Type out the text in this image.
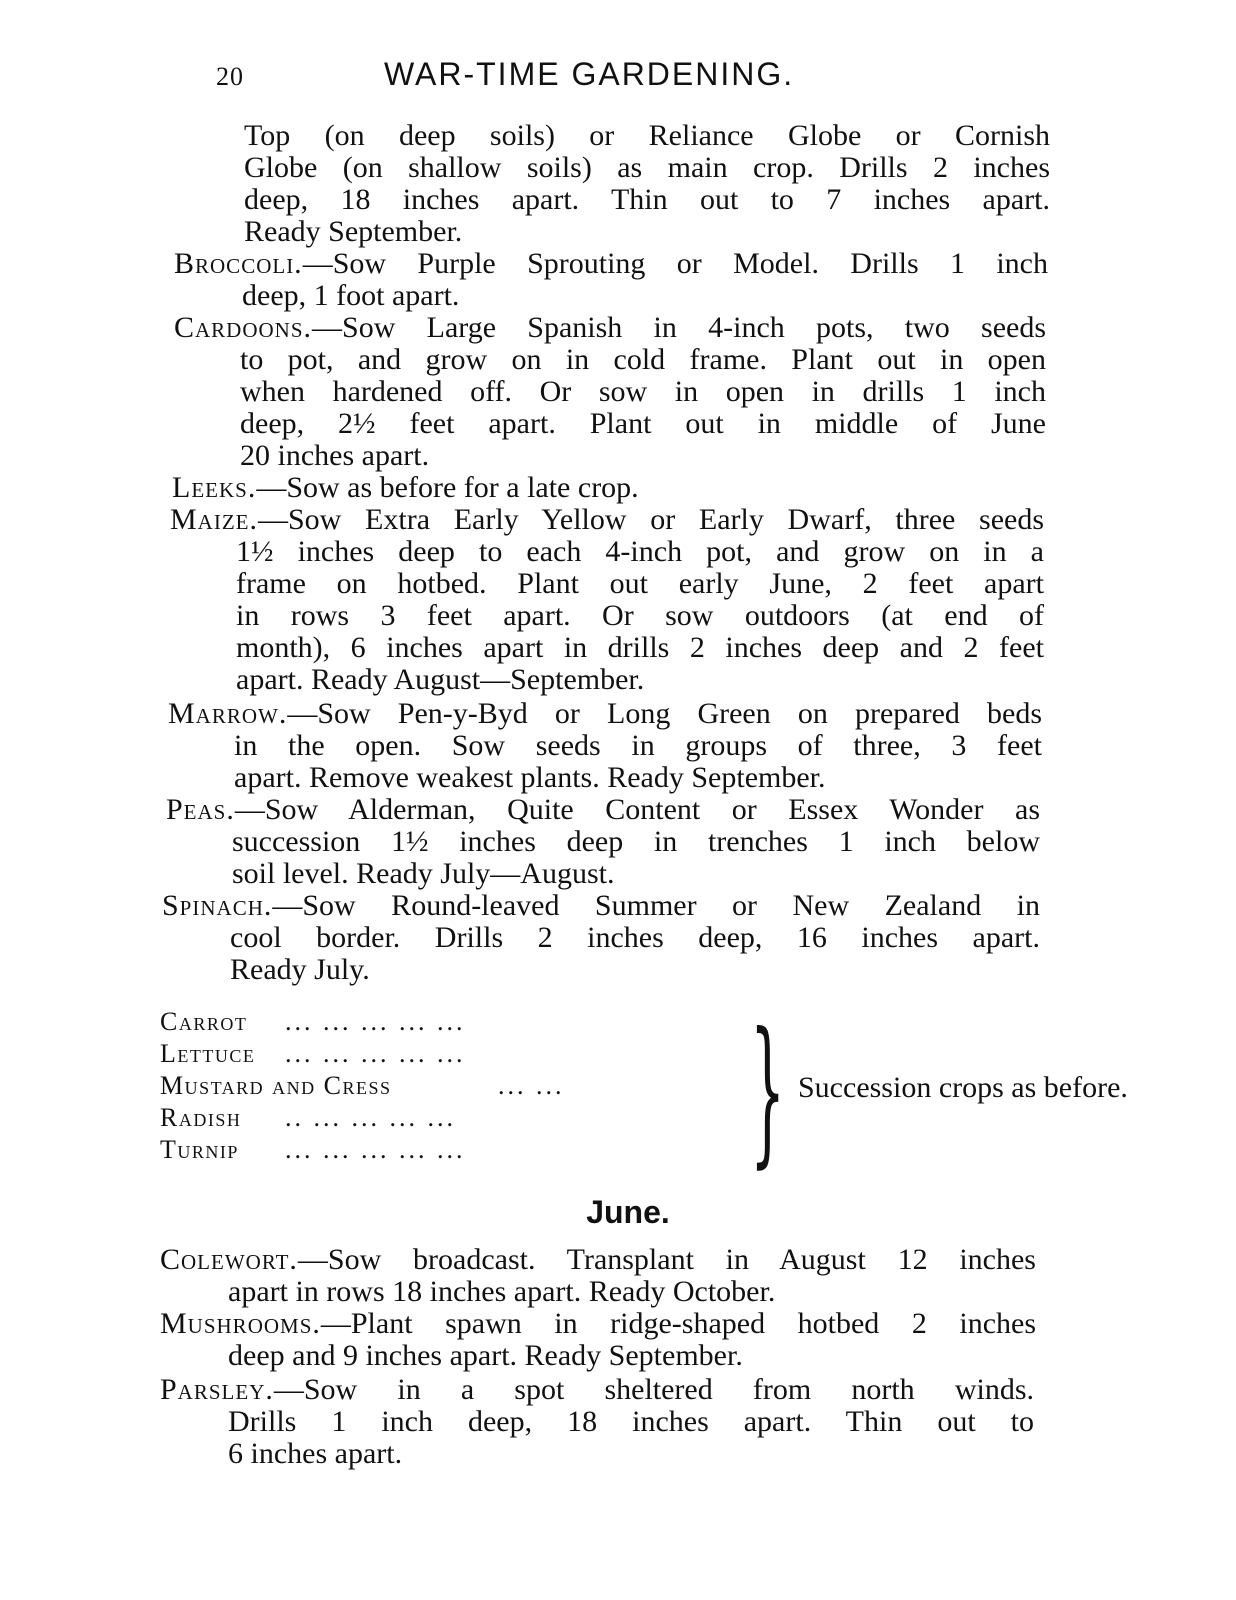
20	WAR-TIME GARDENING.
Top (on deep soils) or Reliance Globe or Cornish
Globe (on shallow soils) as main crop. Drills 2 inches
deep, 18 inches apart. Thin out to 7 inches apart.
Ready September.
Broccoli.—Sow Purple Sprouting or Model. Drills 1 inch
deep, 1 foot apart.
Cardoons.—Sow Large Spanish in 4-inch pots, two seeds
to pot, and grow on in cold frame. Plant out in open
when hardened off. Or sow in open in drills 1 inch
deep, 2½ feet apart. Plant out in middle of June
20 inches apart.
Leeks.—Sow as before for a late crop.
Maize.—Sow Extra Early Yellow or Early Dwarf, three seeds
1½ inches deep to each 4-inch pot, and grow on in a
frame on hotbed. Plant out early June, 2 feet apart
in rows 3 feet apart. Or sow outdoors (at end of
month), 6 inches apart in drills 2 inches deep and 2 feet
apart. Ready August—September.
Marrow.—Sow Pen-y-Byd or Long Green on prepared beds
in the open. Sow seeds in groups of three, 3 feet
apart. Remove weakest plants. Ready September.
Peas.—Sow Alderman, Quite Content or Essex Wonder as
succession 1½ inches deep in trenches 1 inch below
soil level. Ready July—August.
Spinach.—Sow Round-leaved Summer or New Zealand in
cool border. Drills 2 inches deep, 16 inches apart.
Ready July.
Carrot ... ... ... ... ...
Lettuce ... ... ... ... ...
Mustard and Cress	... ...
Radish .. ... ... ... ...
Turnip ... ... ... ... ... } Succession crops as before.
June.
Colewort.—Sow broadcast. Transplant in August 12 inches
apart in rows 18 inches apart. Ready October.
Mushrooms.—Plant spawn in ridge-shaped hotbed 2 inches
deep and 9 inches apart. Ready September.
Parsley.—Sow in a spot sheltered from north winds.
Drills 1 inch deep, 18 inches apart. Thin out to
6 inches apart.
